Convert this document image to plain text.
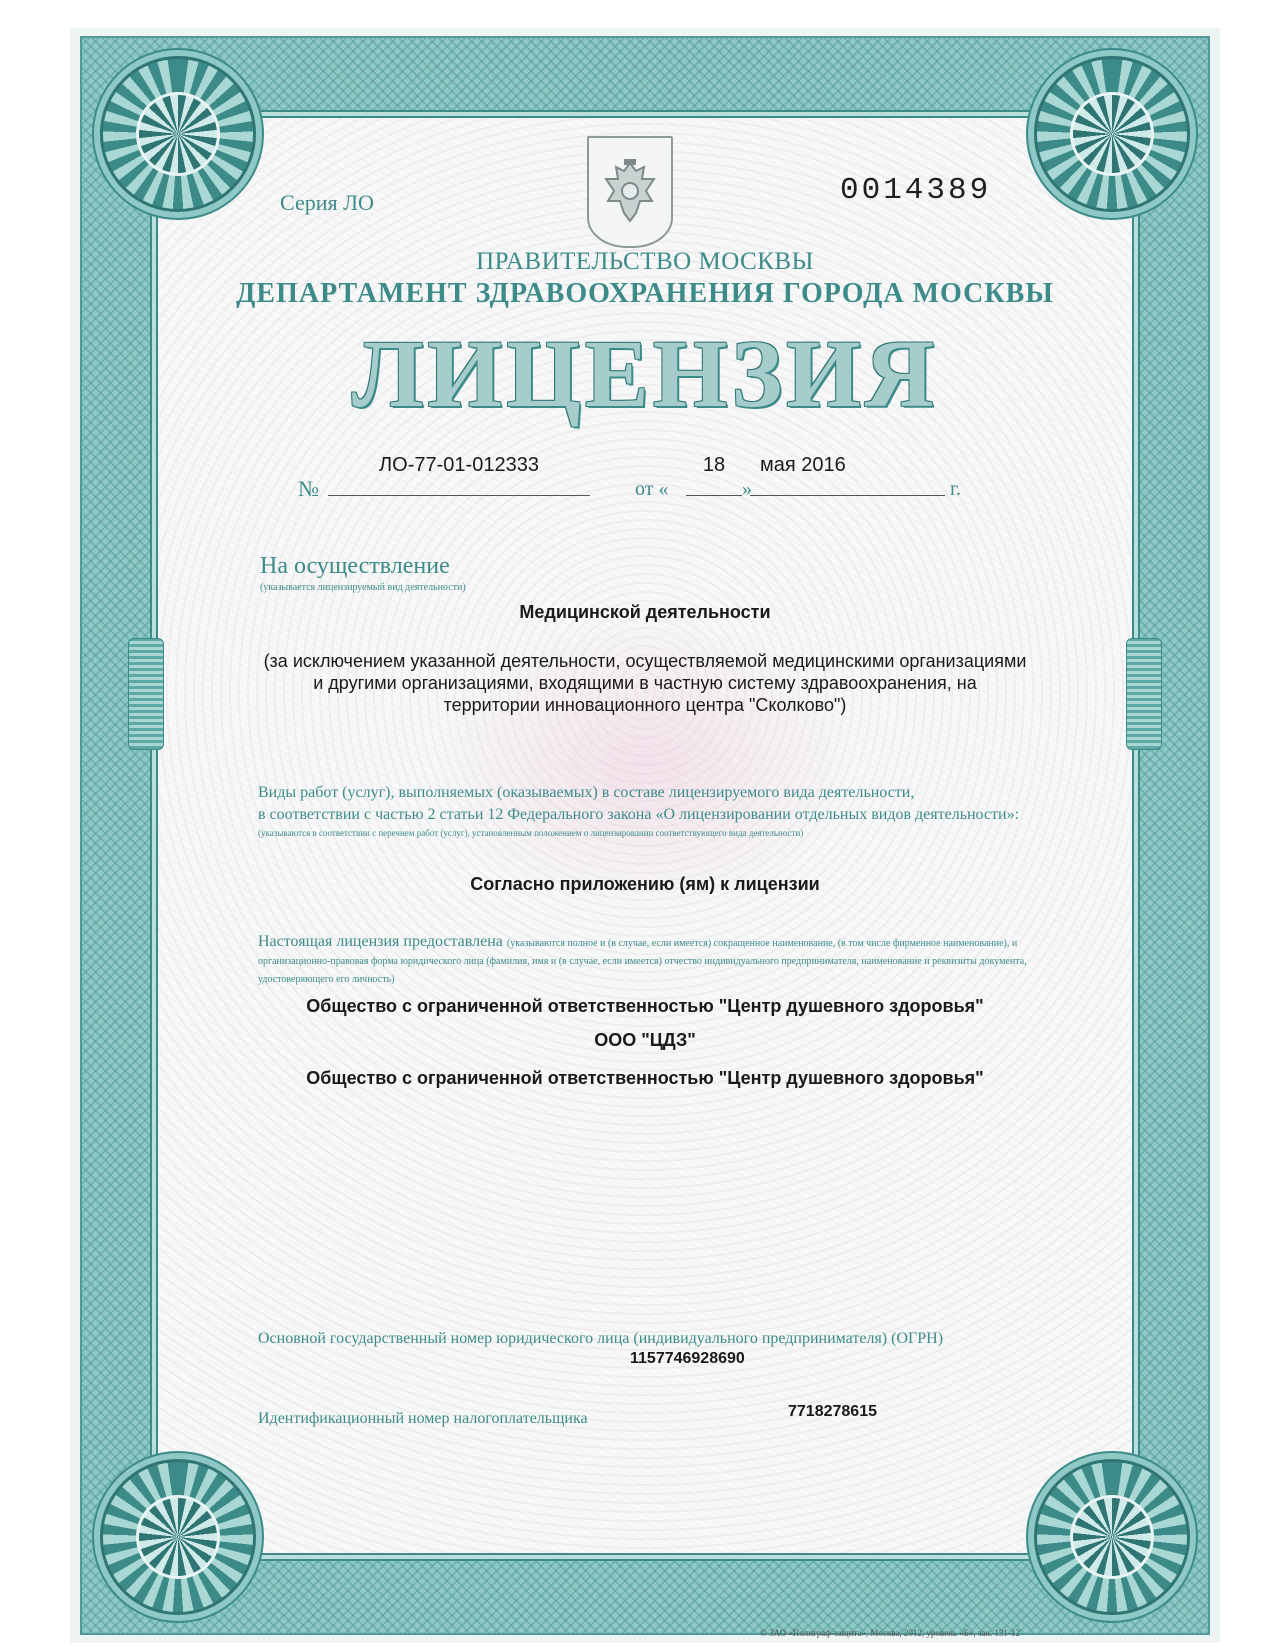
Серия ЛО	0014389
ПРАВИТЕЛЬСТВО МОСКВЫ
ДЕПАРТАМЕНТ ЗДРАВООХРАНЕНИЯ ГОРОДА МОСКВЫ
ЛИЦЕНЗИЯ
№
ЛО-77-01-012333
от «
18
»
мая 2016
г.
На осуществление
(указывается лицензируемый вид деятельности)
Медицинской деятельности
(за исключением указанной деятельности, осуществляемой медицинскими организациями
и другими организациями, входящими в частную систему здравоохранения, на
территории инновационного центра "Сколково")
Виды работ (услуг), выполняемых (оказываемых) в составе лицензируемого вида деятельности,
в соответствии с частью 2 статьи 12 Федерального закона «О лицензировании отдельных видов деятельности»:
(указываются в соответствии с перечнем работ (услуг), установленным положением о лицензировании соответствующего вида деятельности)
Согласно приложению (ям) к лицензии
Настоящая лицензия предоставлена (указываются полное и (в случае, если имеется) сокращенное наименование, (в том числе фирменное наименование), и организационно-правовая форма юридического лица (фамилия, имя и (в случае, если имеется) отчество индивидуального предпринимателя, наименование и реквизиты документа, удостоверяющего его личность)
Общество с ограниченной ответственностью "Центр душевного здоровья"
ООО "ЦДЗ"
Общество с ограниченной ответственностью "Центр душевного здоровья"
Основной государственный номер юридического лица (индивидуального предпринимателя) (ОГРН)
1157746928690
Идентификационный номер налогоплательщика	7718278615
© ЗАО «Полиграф-защита», Москва, 2012, уровень «Б», зак. 131-12
